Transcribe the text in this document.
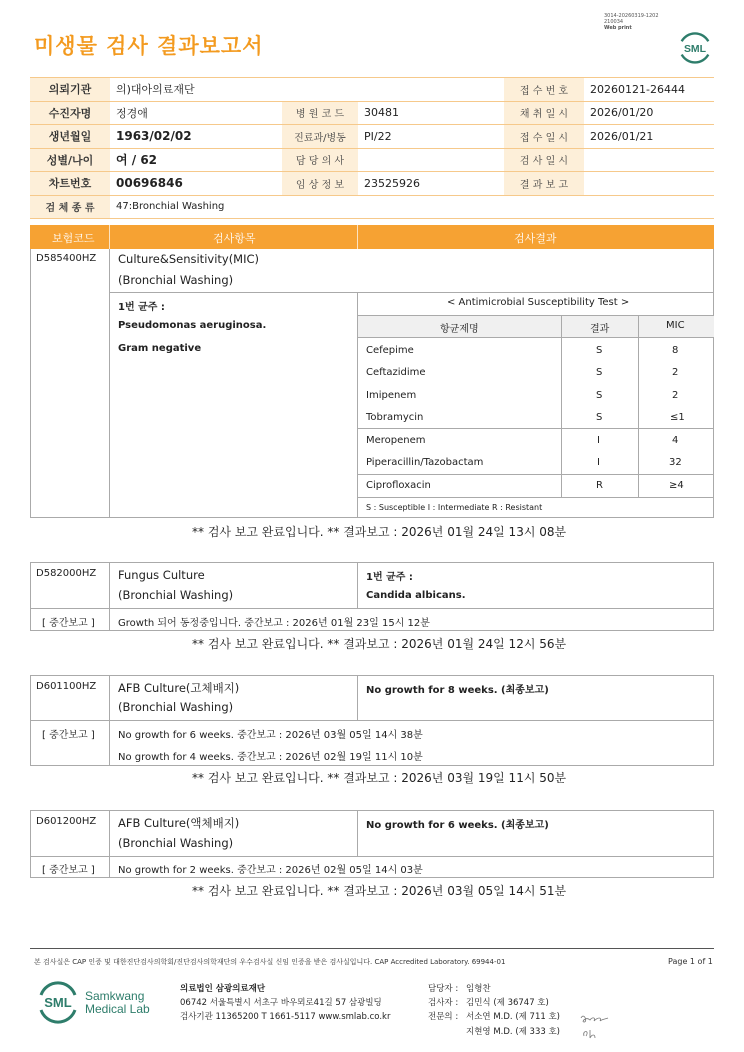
미생물 검사 결과보고서
3014-20260319-1202 210034
Web print
SML
의뢰기관	의)대아의료재단			접 수 번 호	20260121-26444
수진자명	정경애	병 원 코 드	30481	채 취 일 시	2026/01/20
생년월일	1963/02/02	진료과/병동	PI/22	접 수 일 시	2026/01/21
성별/나이	여 / 62	담 당 의 사		검 사 일 시	
차트번호	00696846	임 상 정 보	23525926	결 과 보 고	
검 체 종 류	47:Bronchial Washing				
보험코드	검사항목	검사결과
D585400HZ Culture&Sensitivity(MIC)
(Bronchial Washing)
1번 균주 :
Pseudomonas aeruginosa.
Gram negative
< Antimicrobial Susceptibility Test >
항균제명	결과	MIC
Cefepime	S	8
Ceftazidime	S	2
Imipenem	S	2
Tobramycin	S	≤1
Meropenem	I	4
Piperacillin/Tazobactam	I	32
Ciprofloxacin	R	≥4
S : Susceptible I : Intermediate R : Resistant
** 검사 보고 완료입니다. ** 결과보고 : 2026년 01월 24일 13시 08분
D582000HZ Fungus Culture
(Bronchial Washing)
1번 균주 :
Candida albicans.
[ 중간보고 ] Growth 되어 동정중입니다. 중간보고 : 2026년 01월 23일 15시 12분
** 검사 보고 완료입니다. ** 결과보고 : 2026년 01월 24일 12시 56분
D601100HZ AFB Culture(고체배지)
(Bronchial Washing)
No growth for 8 weeks. (최종보고)
[ 중간보고 ] No growth for 6 weeks. 중간보고 : 2026년 03월 05일 14시 38분
No growth for 4 weeks. 중간보고 : 2026년 02월 19일 11시 10분
** 검사 보고 완료입니다. ** 결과보고 : 2026년 03월 19일 11시 50분
D601200HZ AFB Culture(액체배지)
(Bronchial Washing)
No growth for 6 weeks. (최종보고)
[ 중간보고 ] No growth for 2 weeks. 중간보고 : 2026년 02월 05일 14시 03분
** 검사 보고 완료입니다. ** 결과보고 : 2026년 03월 05일 14시 51분
본 검사실은 CAP 인증 및 대한진단검사의학회/진단검사의학재단의 우수검사실 신임 인증을 받은 검사실입니다. CAP Accredited Laboratory. 69944-01	Page 1 of 1
SML Samkwang
Medical Lab
의료법인 삼광의료재단
06742 서울특별시 서초구 바우뫼로41길 57 삼광빌딩
검사기관 11365200 T 1661-5117 www.smlab.co.kr
담당자 : 임형찬
검사자 : 김민식 (제 36747 호)
전문의 : 서소연 M.D. (제 711 호)
지현영 M.D. (제 333 호)
